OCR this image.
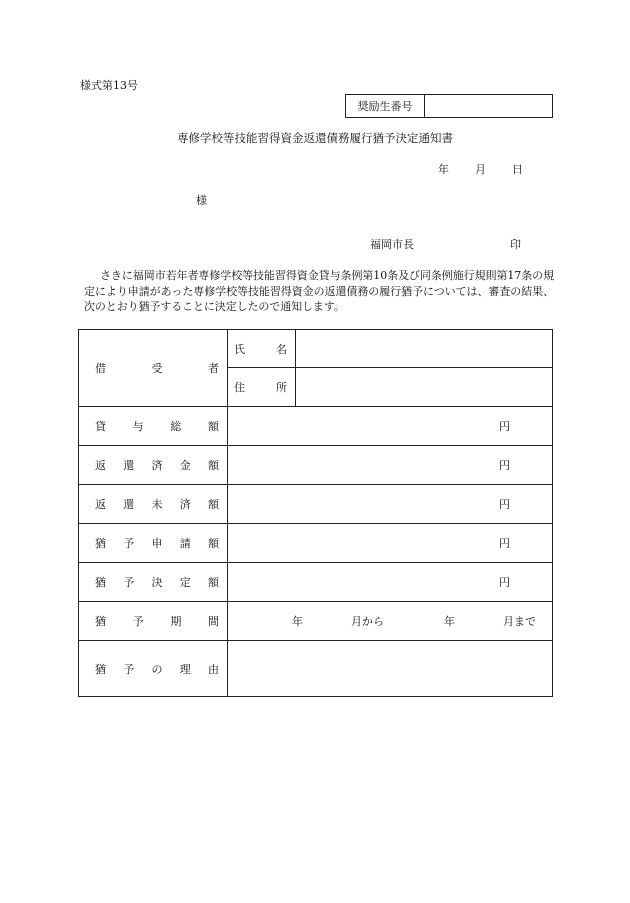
様式第13号
奨励生番号
専修学校等技能習得資金返還債務履行猶予決定通知書
年 月 日
様
福岡市長	印
さきに福岡市若年者専修学校等技能習得資金貸与条例第10条及び同条例施行規則第17条の規定により申請があった専修学校等技能習得資金の返還債務の履行猶予については、審査の結果、次のとおり猶予することに決定したので通知します。
借 受 者	氏 名	

	住 所	

貸 与 総 額	円	

返 還 済 金 額	円	

返 還 未 済 額	円	

猶 予 申 請 額	円	

猶 予 決 定 額	円	

猶 予 期 間	年 月から 年 月まで	

猶 予 の 理 由		
